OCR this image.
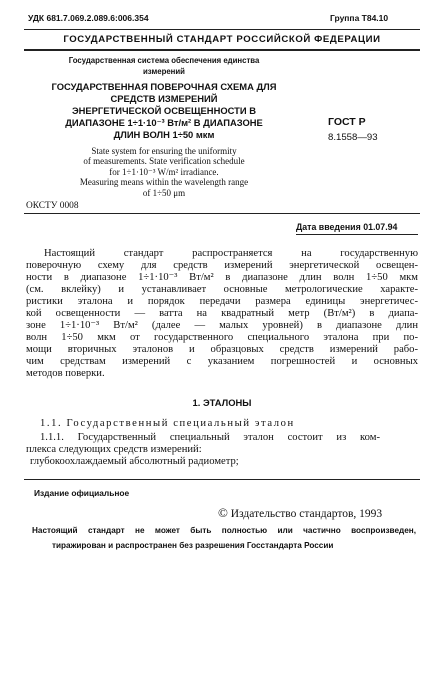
УДК 681.7.069.2.089.6:006.354	Группа Т84.10
ГОСУДАРСТВЕННЫЙ СТАНДАРТ РОССИЙСКОЙ ФЕДЕРАЦИИ
Государственная система обеспечения единства
измерений
ГОСУДАРСТВЕННАЯ ПОВЕРОЧНАЯ СХЕМА ДЛЯ
СРЕДСТВ ИЗМЕРЕНИЙ
ЭНЕРГЕТИЧЕСКОЙ ОСВЕЩЕННОСТИ В
ДИАПАЗОНЕ 1÷1·10⁻³ Вт/м² В ДИАПАЗОНЕ
ДЛИН ВОЛН 1÷50 мкм
ГОСТ Р
8.1558—93
State system for ensuring the uniformity
of measurements. State verification schedule
for 1÷1·10⁻³ W/m² irradiance.
Measuring means within the wavelength range
of 1÷50 μm
ОКСТУ 0008
Дата введения 01.07.94
Настоящий стандарт распространяется на государственную
поверочную схему для средств измерений энергетической освещен-
ности в диапазоне 1÷1·10⁻³ Вт/м² в диапазоне длин волн 1÷50 мкм
(см. вклейку) и устанавливает основные метрологические характе-
ристики эталона и порядок передачи размера единицы энергетичес-
кой освещенности — ватта на квадратный метр (Вт/м²) в диапа-
зоне 1÷1·10⁻³ Вт/м² (далее — малых уровней) в диапазоне длин
волн 1÷50 мкм от государственного специального эталона при по-
мощи вторичных эталонов и образцовых средств измерений рабо-
чим средствам измерений с указанием погрешностей и основных
методов поверки.
1. ЭТАЛОНЫ
1.1. Государственный специальный эталон
1.1.1. Государственный специальный эталон состоит из ком-
плекса следующих средств измерений:
глубокоохлаждаемый абсолютный радиометр;
Издание официальное
© Издательство стандартов, 1993
Настоящий стандарт не может быть полностью или частично воспроизведен,
тиражирован и распространен без разрешения Госстандарта России
